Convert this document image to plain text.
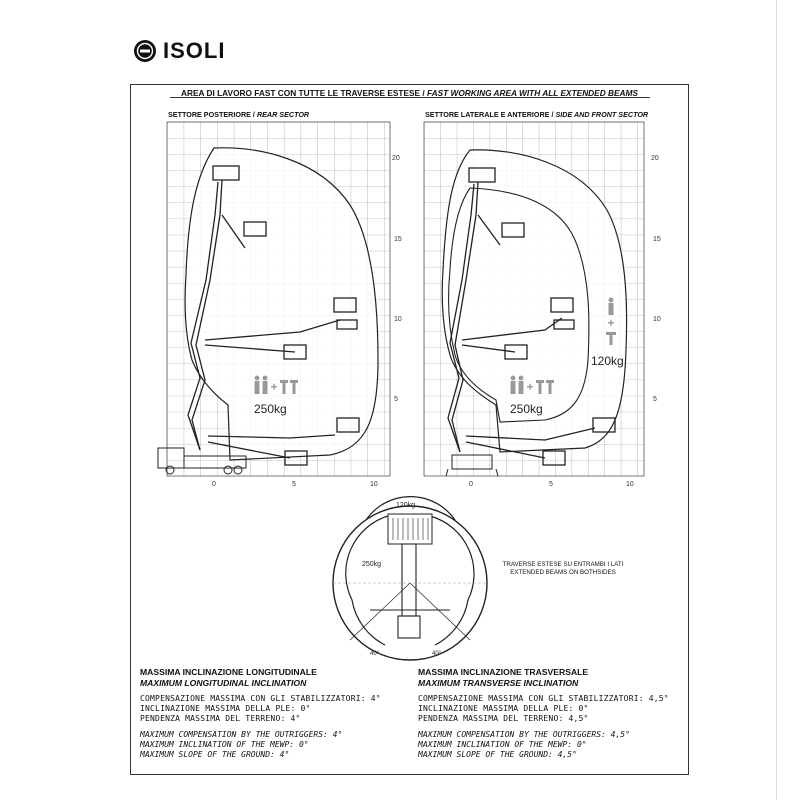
ISOLI
AREA DI LAVORO FAST CON TUTTE LE TRAVERSE ESTESE / FAST WORKING AREA WITH ALL EXTENDED BEAMS
SETTORE POSTERIORE / REAR SECTOR	SETTORE LATERALE E ANTERIORE / SIDE AND FRONT SECTOR
250kg
20
15
10
5
0	5	10
250kg
120kg
20
15
10
5
0	5	10
120kg
250kg
40°	40°
TRAVERSE ESTESE SU ENTRAMBI I LATI
EXTENDED BEAMS ON BOTHSIDES
MASSIMA INCLINAZIONE LONGITUDINALE
MAXIMUM LONGITUDINAL INCLINATION
COMPENSAZIONE MASSIMA CON GLI STABILIZZATORI: 4°
INCLINAZIONE MASSIMA DELLA PLE: 0°
PENDENZA MASSIMA DEL TERRENO: 4°
MAXIMUM COMPENSATION BY THE OUTRIGGERS: 4°
MAXIMUM INCLINATION OF THE MEWP: 0°
MAXIMUM SLOPE OF THE GROUND: 4°
MASSIMA INCLINAZIONE TRASVERSALE
MAXIMUM TRANSVERSE INCLINATION
COMPENSAZIONE MASSIMA CON GLI STABILIZZATORI: 4,5°
INCLINAZIONE MASSIMA DELLA PLE: 0°
PENDENZA MASSIMA DEL TERRENO: 4,5°
MAXIMUM COMPENSATION BY THE OUTRIGGERS: 4,5°
MAXIMUM INCLINATION OF THE MEWP: 0°
MAXIMUM SLOPE OF THE GROUND: 4,5°
